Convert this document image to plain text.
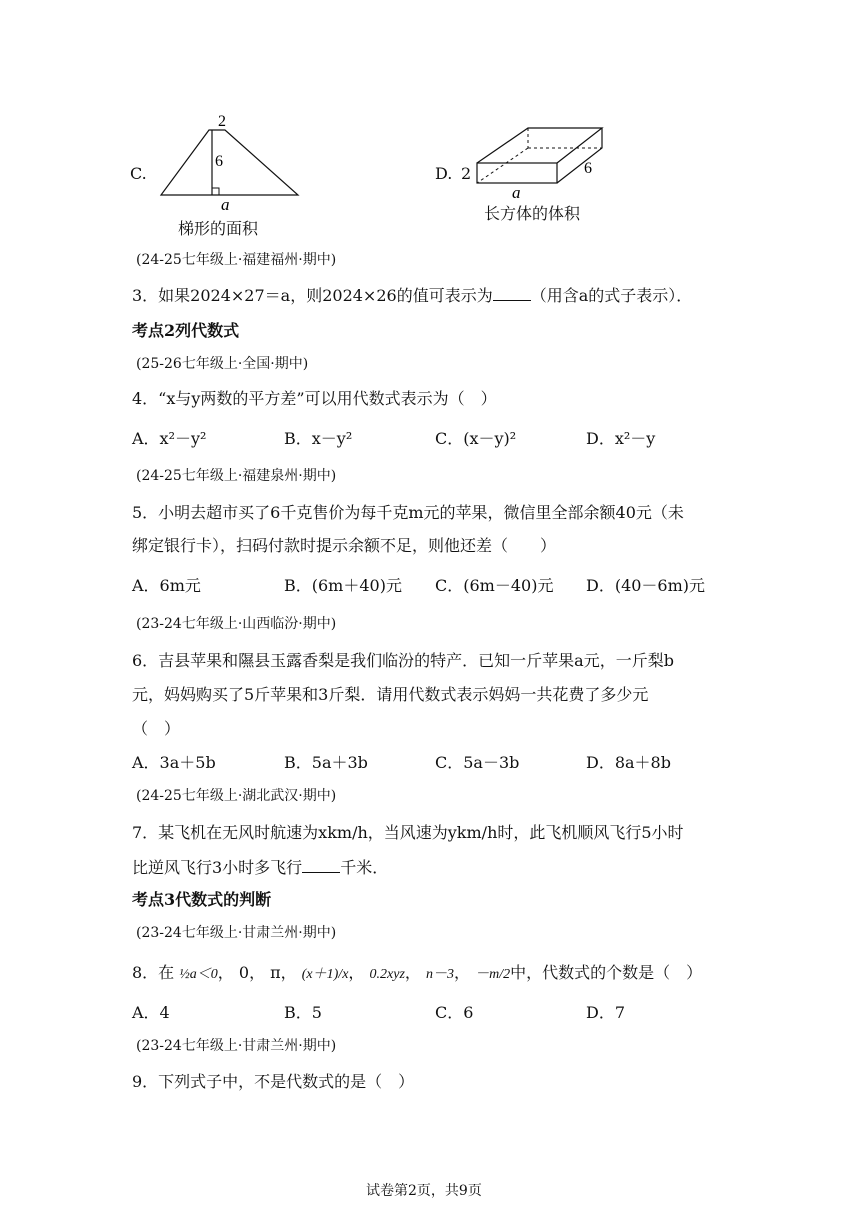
C.
2
6
a
梯形的面积
D. 2	6
a
长方体的体积
(24-25七年级上·福建福州·期中)
3．如果2024×27＝a，则2024×26的值可表示为 （用含a的式子表示）．
考点2列代数式
(25-26七年级上·全国·期中)
4．“x与y两数的平方差”可以用代数式表示为（　）
A．x²－y²	B．x－y²	C．(x－y)²	D．x²－y
(24-25七年级上·福建泉州·期中)
5．小明去超市买了6千克售价为每千克m元的苹果，微信里全部余额40元（未
绑定银行卡），扫码付款时提示余额不足，则他还差（　　）
A．6m元	B．(6m＋40)元 C．(6m－40)元 D．(40－6m)元
(23-24七年级上·山西临汾·期中)
6．吉县苹果和隰县玉露香梨是我们临汾的特产．已知一斤苹果a元，一斤梨b
元，妈妈购买了5斤苹果和3斤梨．请用代数式表示妈妈一共花费了多少元
（　）
A．3a＋5b	B．5a＋3b	C．5a－3b	D．8a＋8b
(24-25七年级上·湖北武汉·期中)
7．某飞机在无风时航速为xkm/h，当风速为ykm/h时，此飞机顺风飞行5小时
比逆风飞行3小时多飞行 千米．
考点3代数式的判断
(23-24七年级上·甘肃兰州·期中)
8．在 ½a＜0， 0， π， (x＋1)/x， 0.2xyz， n－3， －m/2中，代数式的个数是（　）
A．4	B．5	C．6	D．7
(23-24七年级上·甘肃兰州·期中)
9．下列式子中，不是代数式的是（　）
试卷第2页，共9页
